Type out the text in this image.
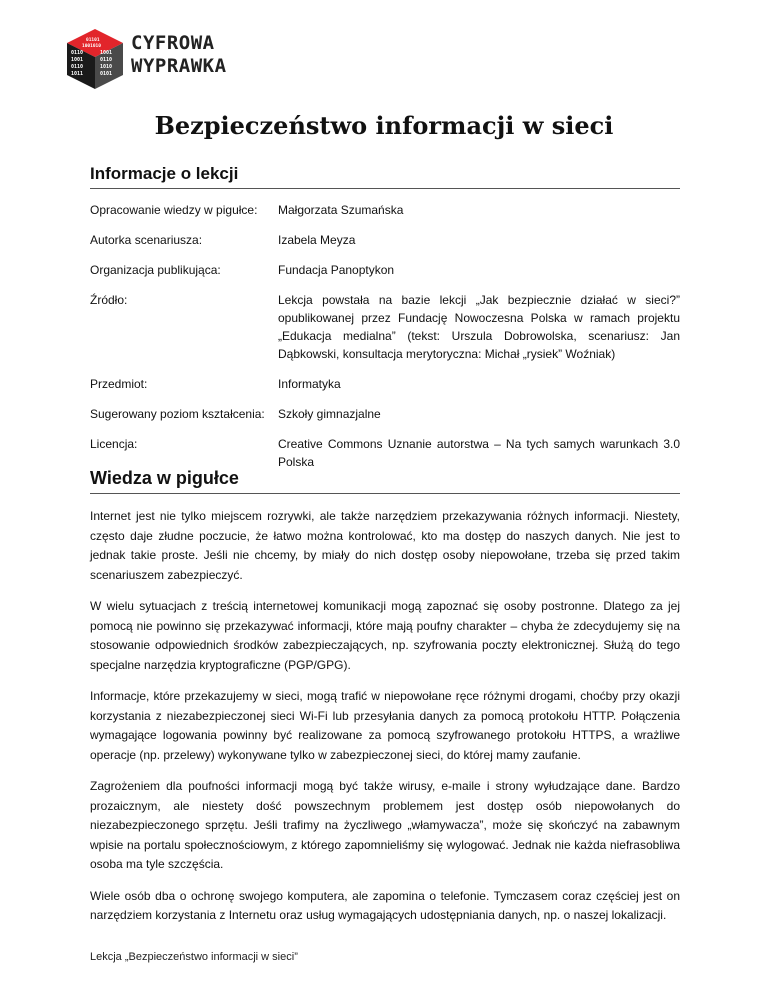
0110
1001
0110
1011
1001
0110
1010
0101
01101
1001010 CYFROWA
WYPRAWKA
Bezpieczeństwo informacji w sieci
Informacje o lekcji
Opracowanie wiedzy w pigułce:	Małgorzata Szumańska
Autorka scenariusza:	Izabela Meyza
Organizacja publikująca:	Fundacja Panoptykon
Źródło:	Lekcja powstała na bazie lekcji „Jak bezpiecznie działać w sieci?” opublikowanej przez Fundację Nowoczesna Polska w ramach projektu „Edukacja medialna” (tekst: Urszula Dobrowolska, scenariusz: Jan Dąbkowski, konsultacja merytoryczna: Michał „rysiek” Woźniak)
Przedmiot:	Informatyka
Sugerowany poziom kształcenia:	Szkoły gimnazjalne
Licencja:	Creative Commons Uznanie autorstwa – Na tych samych warunkach 3.0 Polska
Wiedza w pigułce

Internet jest nie tylko miejscem rozrywki, ale także narzędziem przekazywania różnych informacji. Niestety, często daje złudne poczucie, że łatwo można kontrolować, kto ma dostęp do naszych danych. Nie jest to jednak takie proste. Jeśli nie chcemy, by miały do nich dostęp osoby niepowołane, trzeba się przed takim scenariuszem zabezpieczyć.

W wielu sytuacjach z treścią internetowej komunikacji mogą zapoznać się osoby postronne. Dlatego za jej pomocą nie powinno się przekazywać informacji, które mają poufny charakter – chyba że zdecydujemy się na stosowanie odpowiednich środków zabezpieczających, np. szyfrowania poczty elektronicznej. Służą do tego specjalne narzędzia kryptograficzne (PGP/GPG).

Informacje, które przekazujemy w sieci, mogą trafić w niepowołane ręce różnymi drogami, choćby przy okazji korzystania z niezabezpieczonej sieci Wi-Fi lub przesyłania danych za pomocą protokołu HTTP. Połączenia wymagające logowania powinny być realizowane za pomocą szyfrowanego protokołu HTTPS, a wrażliwe operacje (np. przelewy) wykonywane tylko w zabezpieczonej sieci, do której mamy zaufanie.

Zagrożeniem dla poufności informacji mogą być także wirusy, e-maile i strony wyłudzające dane. Bardzo prozaicznym, ale niestety dość powszechnym problemem jest dostęp osób niepowołanych do niezabezpieczonego sprzętu. Jeśli trafimy na życzliwego „włamywacza”, może się skończyć na zabawnym wpisie na portalu społecznościowym, z którego zapomnieliśmy się wylogować. Jednak nie każda niefrasobliwa osoba ma tyle szczęścia.

Wiele osób dba o ochronę swojego komputera, ale zapomina o telefonie. Tymczasem coraz częściej jest on narzędziem korzystania z Internetu oraz usług wymagających udostępniania danych, np. o naszej lokalizacji.

Lekcja „Bezpieczeństwo informacji w sieci”
